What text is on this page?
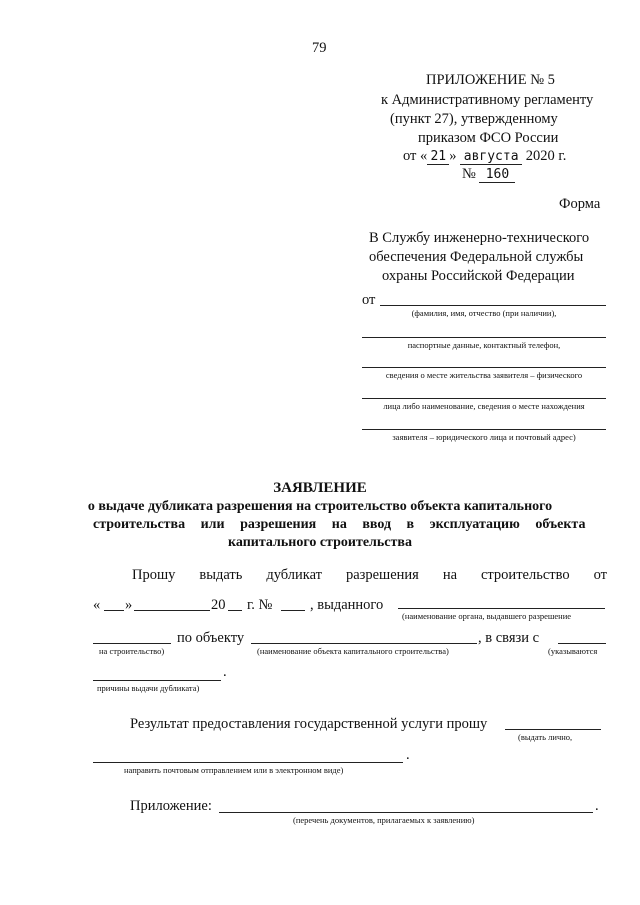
79
ПРИЛОЖЕНИЕ № 5
к Административному регламенту
(пункт 27), утвержденному
приказом ФСО России
от « 21 » августа 2020 г.
№ 160
Форма
В Службу инженерно-технического
обеспечения Федеральной службы
охраны Российской Федерации
от
(фамилия, имя, отчество (при наличии),
паспортные данные, контактный телефон,
сведения о месте жительства заявителя – физического
лица либо наименование, сведения о месте нахождения
заявителя – юридического лица и почтовый адрес)
ЗАЯВЛЕНИЕ
о выдаче дубликата разрешения на строительство объекта капитального
строительства или разрешения на ввод в эксплуатацию объекта
капитального строительства
Прошу выдать дубликат разрешения на строительство от
« »	20 г. №	, выданного
(наименование органа, выдавшего разрешение
по объекту	, в связи с
на строительство)	(наименование объекта капитального строительства)	(указываются
.
причины выдачи дубликата)
Результат предоставления государственной услуги прошу
(выдать лично,
.
направить почтовым отправлением или в электронном виде)
Приложение:	.
(перечень документов, прилагаемых к заявлению)
